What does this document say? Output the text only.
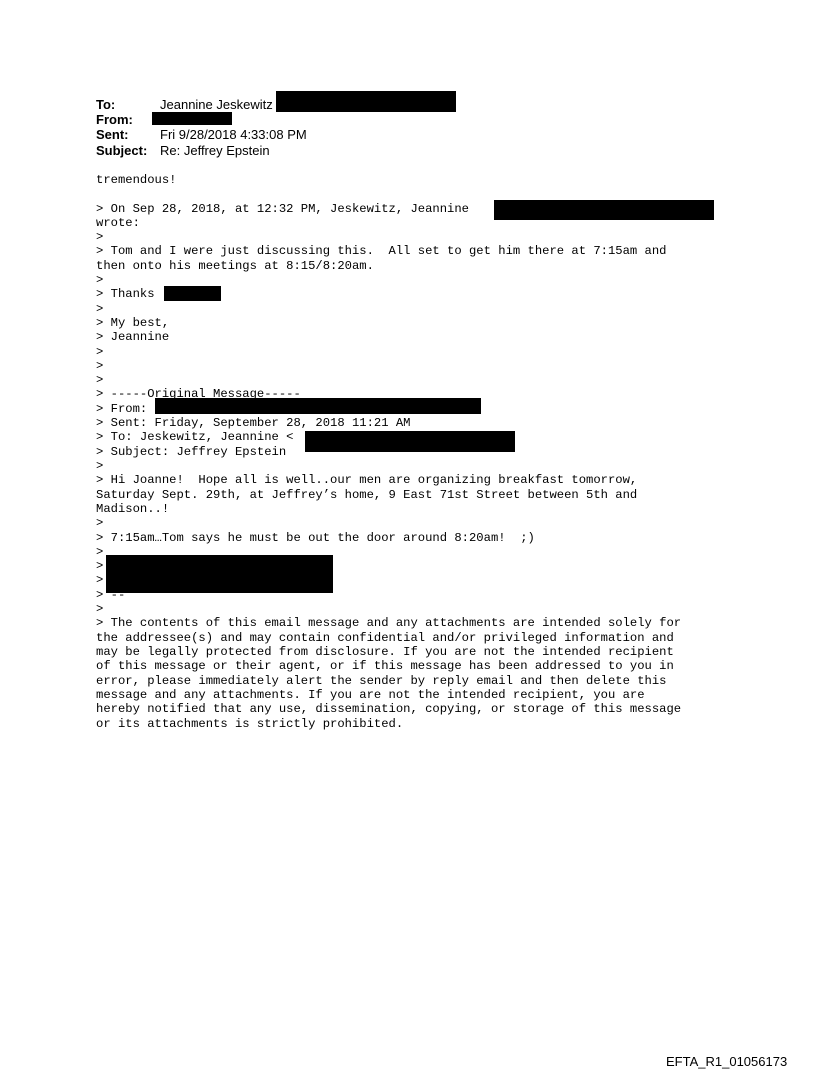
To:	Jeannine Jeskewitz
From:
Sent: Fri 9/28/2018 4:33:08 PM
Subject: Re: Jeffrey Epstein
tremendous!
> On Sep 28, 2018, at 12:32 PM, Jeskewitz, Jeannine
wrote:
>
> Tom and I were just discussing this.  All set to get him there at 7:15am and
then onto his meetings at 8:15/8:20am.
>
> Thanks
>
> My best,
> Jeannine
>
>
>
> -----Original Message-----
> From:
> Sent: Friday, September 28, 2018 11:21 AM
> To: Jeskewitz, Jeannine <
> Subject: Jeffrey Epstein
>
> Hi Joanne!  Hope all is well..our men are organizing breakfast tomorrow,
Saturday Sept. 29th, at Jeffrey’s home, 9 East 71st Street between 5th and
Madison..!
>
> 7:15am…Tom says he must be out the door around 8:20am!  ;)
>
>
>
> --
>
> The contents of this email message and any attachments are intended solely for
the addressee(s) and may contain confidential and/or privileged information and
may be legally protected from disclosure. If you are not the intended recipient
of this message or their agent, or if this message has been addressed to you in
error, please immediately alert the sender by reply email and then delete this
message and any attachments. If you are not the intended recipient, you are
hereby notified that any use, dissemination, copying, or storage of this message
or its attachments is strictly prohibited.
EFTA_R1_01056173
